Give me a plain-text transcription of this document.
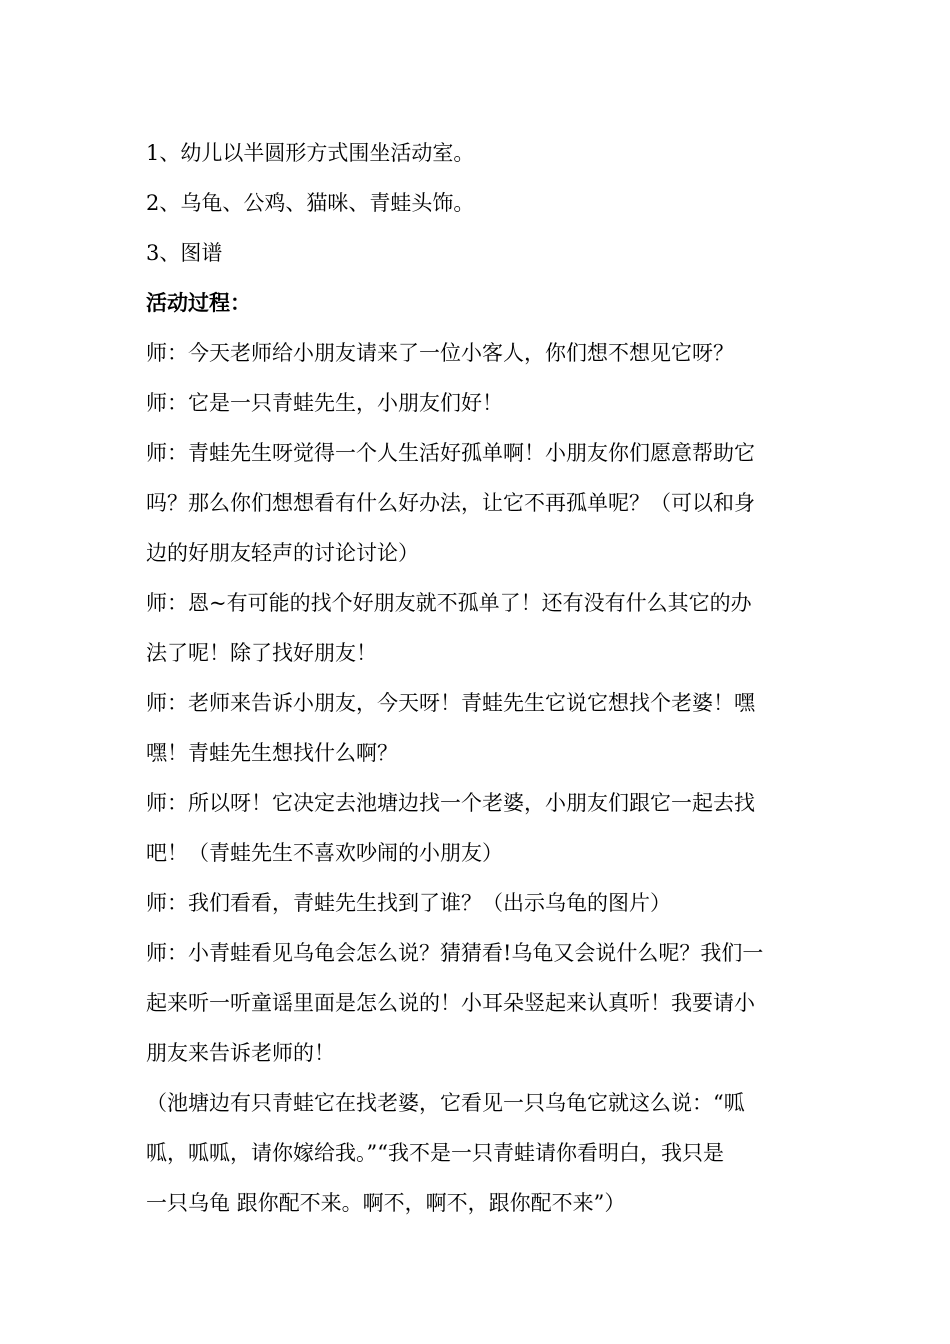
1、幼儿以半圆形方式围坐活动室。
2、乌龟、公鸡、猫咪、青蛙头饰。
3、图谱
活动过程：
师：今天老师给小朋友请来了一位小客人，你们想不想见它呀？
师：它是一只青蛙先生，小朋友们好！
师：青蛙先生呀觉得一个人生活好孤单啊！小朋友你们愿意帮助它
吗？那么你们想想看有什么好办法，让它不再孤单呢？（可以和身
边的好朋友轻声的讨论讨论）
师：恩~有可能的找个好朋友就不孤单了！还有没有什么其它的办
法了呢！除了找好朋友！
师：老师来告诉小朋友，今天呀！青蛙先生它说它想找个老婆！嘿
嘿！青蛙先生想找什么啊？
师：所以呀！它决定去池塘边找一个老婆，小朋友们跟它一起去找
吧！（青蛙先生不喜欢吵闹的小朋友）
师：我们看看，青蛙先生找到了谁？（出示乌龟的图片）
师：小青蛙看见乌龟会怎么说？猜猜看!乌龟又会说什么呢？我们一
起来听一听童谣里面是怎么说的！小耳朵竖起来认真听！我要请小
朋友来告诉老师的！
（池塘边有只青蛙它在找老婆，它看见一只乌龟它就这么说：“呱
呱，呱呱，请你嫁给我。”“我不是一只青蛙请你看明白，我只是
一只乌龟 跟你配不来。啊不，啊不，跟你配不来”）
